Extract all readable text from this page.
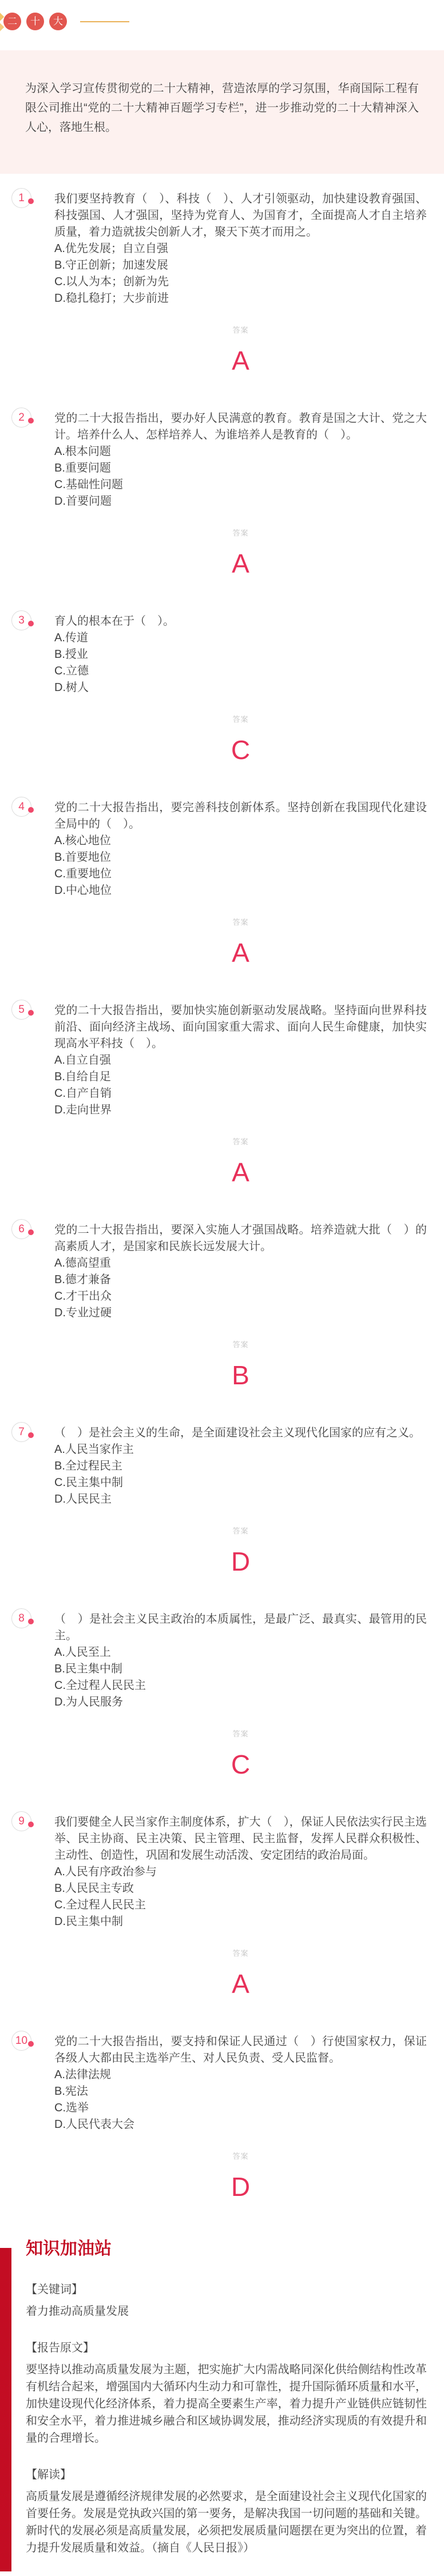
二	十	大

为深入学习宣传贯彻党的二十大精神，营造浓厚的学习氛围，华商国际工程有限公司推出“党的二十大精神百题学习专栏”，进一步推动党的二十大精神深入人心，落地生根。

1	我们要坚持教育（　）、科技（　）、人才引领驱动，加快建设教育强国、科技强国、人才强国，坚持为党育人、为国育才，全面提高人才自主培养质量，着力造就拔尖创新人才，聚天下英才而用之。

A.优先发展；自立自强

B.守正创新；加速发展

C.以人为本；创新为先

D.稳扎稳打；大步前进

答案
A
2	党的二十大报告指出，要办好人民满意的教育。教育是国之大计、党之大计。培养什么人、怎样培养人、为谁培养人是教育的（　）。

A.根本问题

B.重要问题

C.基础性问题

D.首要问题

答案
A
3	育人的根本在于（　）。

A.传道

B.授业

C.立德

D.树人

答案
C
4	党的二十大报告指出，要完善科技创新体系。坚持创新在我国现代化建设全局中的（　）。

A.核心地位

B.首要地位

C.重要地位

D.中心地位

答案
A
5	党的二十大报告指出，要加快实施创新驱动发展战略。坚持面向世界科技前沿、面向经济主战场、面向国家重大需求、面向人民生命健康，加快实现高水平科技（　）。

A.自立自强

B.自给自足

C.自产自销

D.走向世界

答案
A
6	党的二十大报告指出，要深入实施人才强国战略。培养造就大批（　）的高素质人才，是国家和民族长远发展大计。

A.德高望重

B.德才兼备

C.才干出众

D.专业过硬

答案
B
7	（　）是社会主义的生命，是全面建设社会主义现代化国家的应有之义。

A.人民当家作主

B.全过程民主

C.民主集中制

D.人民民主

答案
D
8	（　）是社会主义民主政治的本质属性，是最广泛、最真实、最管用的民主。

A.人民至上

B.民主集中制

C.全过程人民民主

D.为人民服务

答案
C
9	我们要健全人民当家作主制度体系，扩大（　），保证人民依法实行民主选举、民主协商、民主决策、民主管理、民主监督，发挥人民群众积极性、主动性、创造性，巩固和发展生动活泼、安定团结的政治局面。

A.人民有序政治参与

B.人民民主专政

C.全过程人民民主

D.民主集中制

答案
A
10	党的二十大报告指出，要支持和保证人民通过（　）行使国家权力，保证各级人大都由民主选举产生、对人民负责、受人民监督。

A.法律法规

B.宪法

C.选举

D.人民代表大会

答案
D
知识加油站

【关键词】

着力推动高质量发展

【报告原文】

要坚持以推动高质量发展为主题，把实施扩大内需战略同深化供给侧结构性改革有机结合起来，增强国内大循环内生动力和可靠性，提升国际循环质量和水平，加快建设现代化经济体系，着力提高全要素生产率，着力提升产业链供应链韧性和安全水平，着力推进城乡融合和区域协调发展，推动经济实现质的有效提升和量的合理增长。

【解读】

高质量发展是遵循经济规律发展的必然要求，是全面建设社会主义现代化国家的首要任务。发展是党执政兴国的第一要务，是解决我国一切问题的基础和关键。新时代的发展必须是高质量发展，必须把发展质量问题摆在更为突出的位置，着力提升发展质量和效益。（摘自《人民日报》）
